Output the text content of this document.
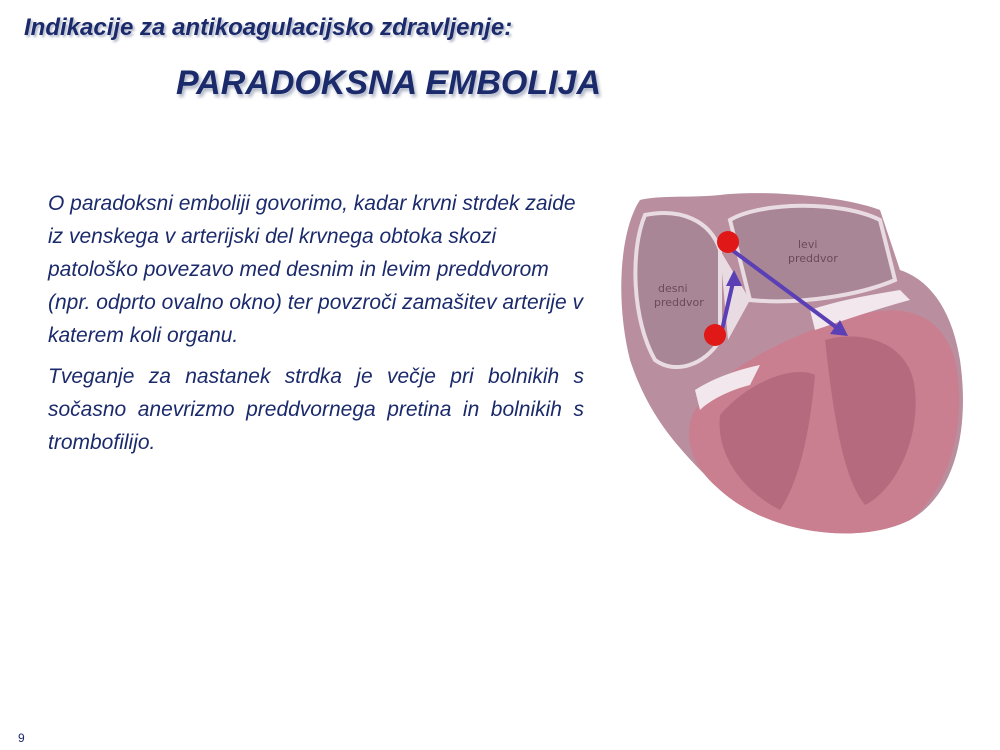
Indikacije za antikoagulacijsko zdravljenje:
PARADOKSNA EMBOLIJA

O paradoksni emboliji govorimo, kadar krvni strdek zaide iz venskega v arterijski del krvnega obtoka skozi patološko povezavo med desnim in levim preddvorom (npr. odprto ovalno okno) ter povzroči zamašitev arterije v katerem koli organu.

Tveganje za nastanek strdka je večje pri bolnikih s sočasno anevrizmo preddvornega pretina in bolnikih s trombofilijo.

desni
preddvor
levi
preddvor
9
